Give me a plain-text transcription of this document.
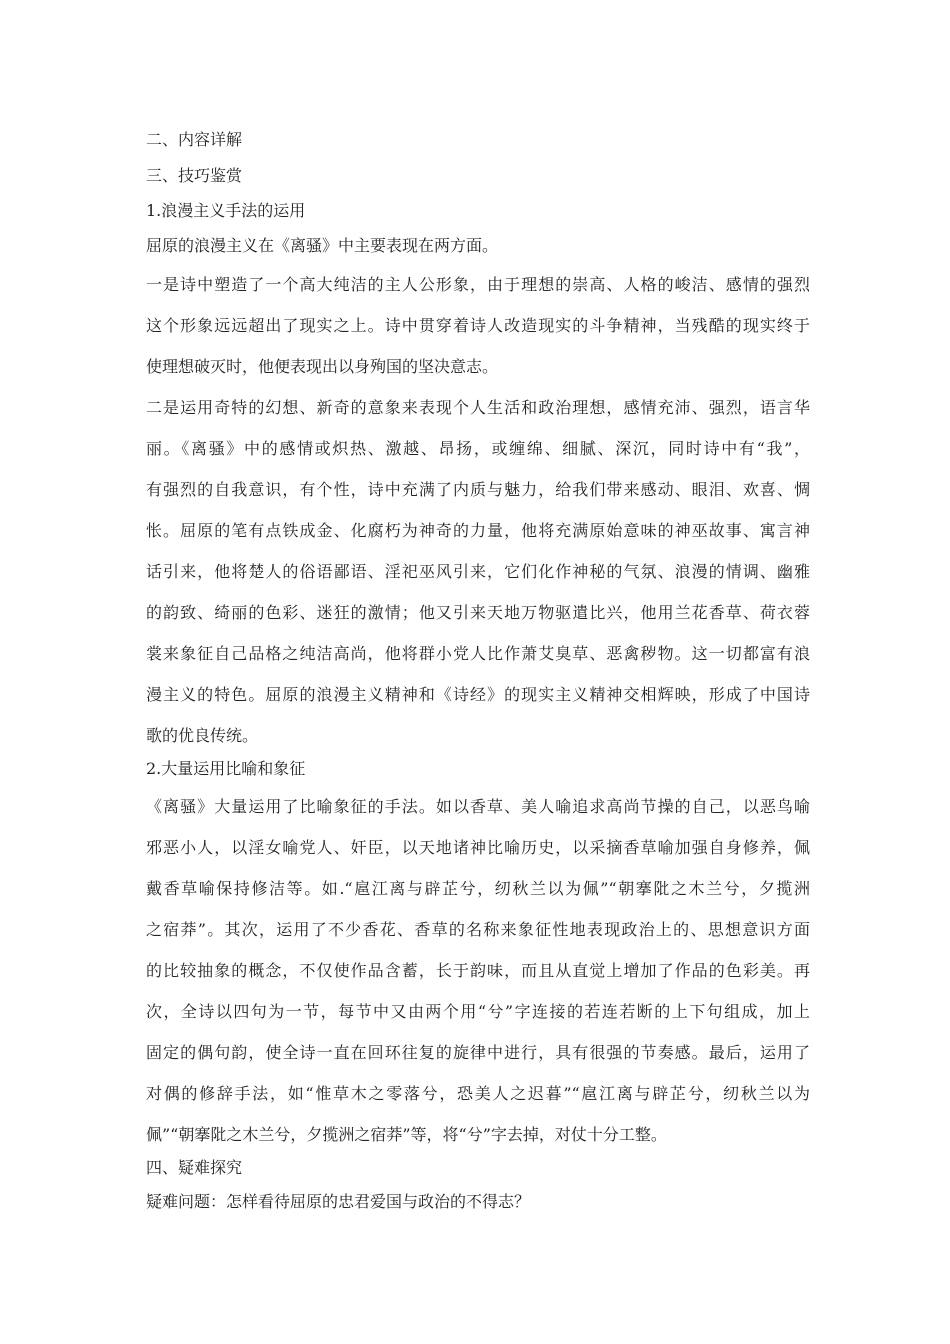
二、内容详解

三、技巧鉴赏

1.浪漫主义手法的运用

屈原的浪漫主义在《离骚》中主要表现在两方面。

一是诗中塑造了一个高大纯洁的主人公形象，由于理想的崇高、人格的峻洁、感情的强烈

这个形象远远超出了现实之上。诗中贯穿着诗人改造现实的斗争精神，当残酷的现实终于

使理想破灭时，他便表现出以身殉国的坚决意志。

二是运用奇特的幻想、新奇的意象来表现个人生活和政治理想，感情充沛、强烈，语言华

丽。《离骚》中的感情或炽热、激越、昂扬，或缠绵、细腻、深沉，同时诗中有“我”，

有强烈的自我意识，有个性，诗中充满了内质与魅力，给我们带来感动、眼泪、欢喜、惆

怅。屈原的笔有点铁成金、化腐朽为神奇的力量，他将充满原始意味的神巫故事、寓言神

话引来，他将楚人的俗语鄙语、淫祀巫风引来，它们化作神秘的气氛、浪漫的情调、幽雅

的韵致、绮丽的色彩、迷狂的激情；他又引来天地万物驱遣比兴，他用兰花香草、荷衣蓉

裳来象征自己品格之纯洁高尚，他将群小党人比作萧艾臭草、恶禽秽物。这一切都富有浪

漫主义的特色。屈原的浪漫主义精神和《诗经》的现实主义精神交相辉映，形成了中国诗

歌的优良传统。

2.大量运用比喻和象征

《离骚》大量运用了比喻象征的手法。如以香草、美人喻追求高尚节操的自己，以恶鸟喻

邪恶小人，以淫女喻党人、奸臣，以天地诸神比喻历史，以采摘香草喻加强自身修养，佩

戴香草喻保持修洁等。如.“扈江离与辟芷兮，纫秋兰以为佩”“朝搴阰之木兰兮，夕揽洲

之宿莽”。其次，运用了不少香花、香草的名称来象征性地表现政治上的、思想意识方面

的比较抽象的概念，不仅使作品含蓄，长于韵味，而且从直觉上增加了作品的色彩美。再

次，全诗以四句为一节，每节中又由两个用“兮”字连接的若连若断的上下句组成，加上

固定的偶句韵，使全诗一直在回环往复的旋律中进行，具有很强的节奏感。最后，运用了

对偶的修辞手法，如“惟草木之零落兮，恐美人之迟暮”“扈江离与辟芷兮，纫秋兰以为

佩”“朝搴阰之木兰兮，夕揽洲之宿莽”等，将“兮”字去掉，对仗十分工整。

四、疑难探究

疑难问题：怎样看待屈原的忠君爱国与政治的不得志？
